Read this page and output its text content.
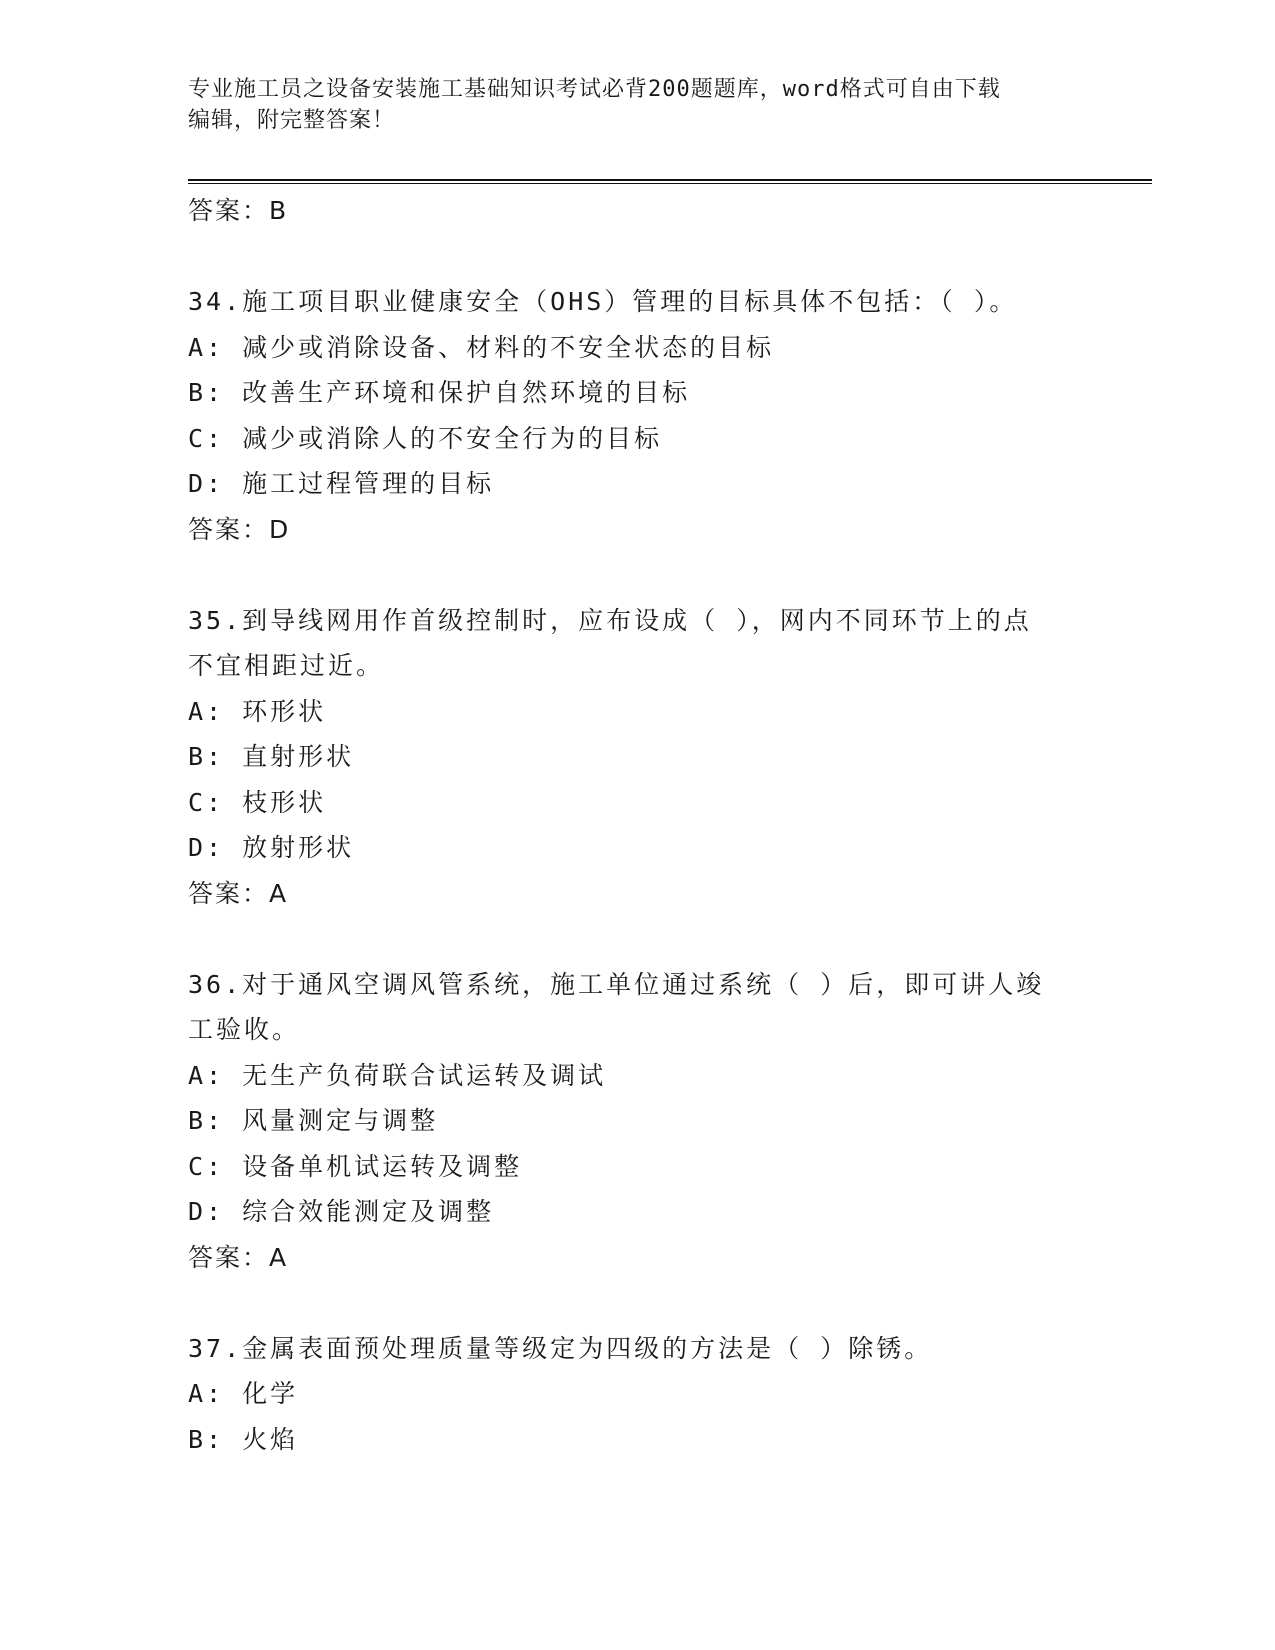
专业施工员之设备安装施工基础知识考试必背200题题库，word格式可自由下载
编辑，附完整答案！
答案：B
34.施工项目职业健康安全（OHS）管理的目标具体不包括：（ ）。
A: 减少或消除设备、材料的不安全状态的目标
B: 改善生产环境和保护自然环境的目标
C: 减少或消除人的不安全行为的目标
D: 施工过程管理的目标
答案：D
35.到导线网用作首级控制时，应布设成（ ），网内不同环节上的点
不宜相距过近。
A: 环形状
B: 直射形状
C: 枝形状
D: 放射形状
答案：A
36.对于通风空调风管系统，施工单位通过系统（ ）后，即可讲人竣
工验收。
A: 无生产负荷联合试运转及调试
B: 风量测定与调整
C: 设备单机试运转及调整
D: 综合效能测定及调整
答案：A
37.金属表面预处理质量等级定为四级的方法是（ ）除锈。
A: 化学
B: 火焰
